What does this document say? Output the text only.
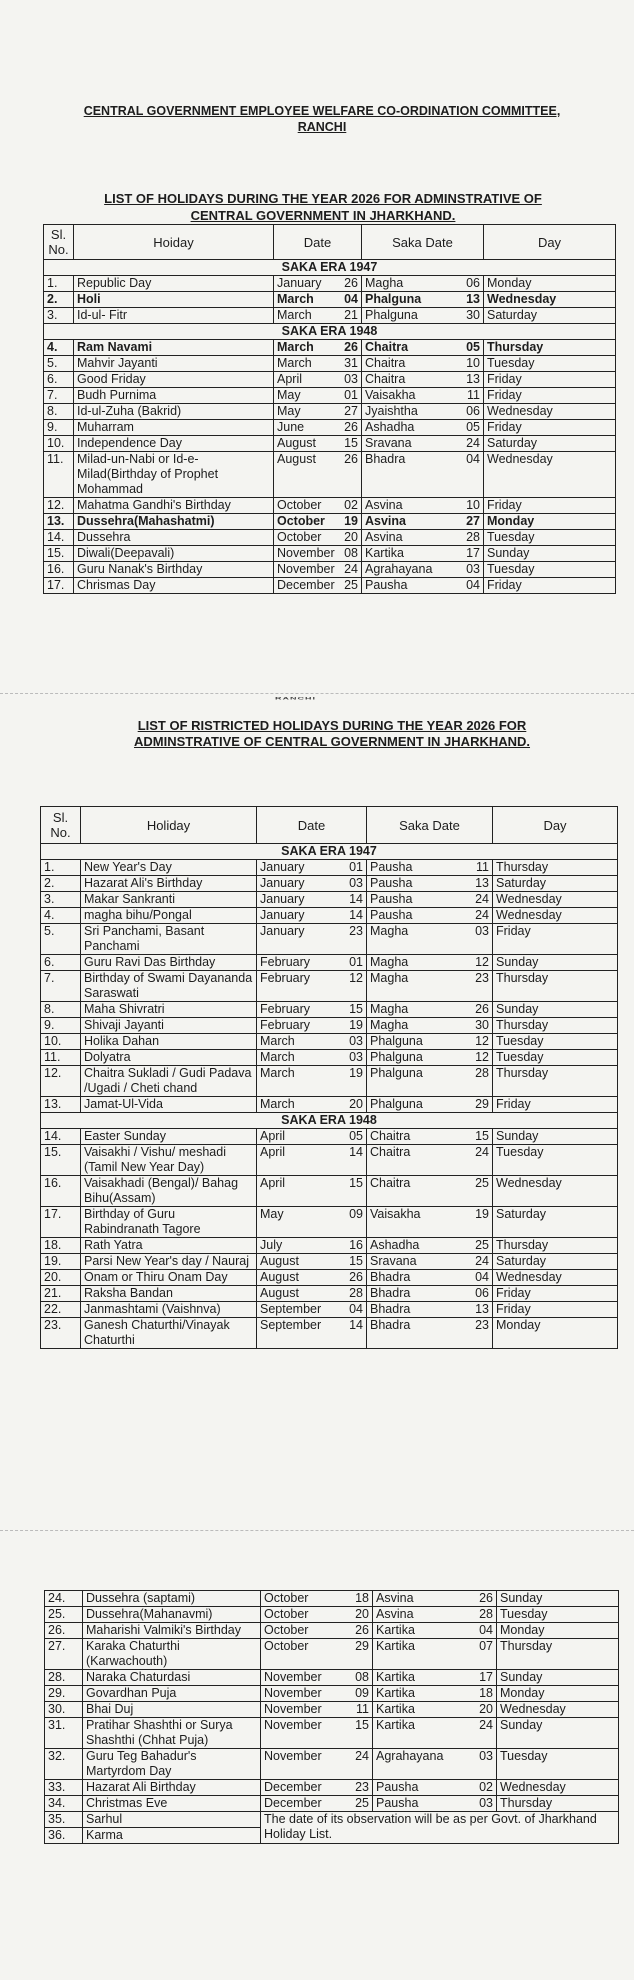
CENTRAL GOVERNMENT EMPLOYEE WELFARE CO-ORDINATION COMMITTEE,
RANCHI
LIST OF HOLIDAYS DURING THE YEAR 2026 FOR ADMINSTRATIVE OF
CENTRAL GOVERNMENT IN JHARKHAND.
Sl. No.	Hoiday	Date	Saka Date	Day
SAKA ERA 1947				
1.	Republic Day	January 26	Magha 06	Monday
2.	Holi	March 04	Phalguna 13	Wednesday
3.	Id-ul- Fitr	March 21	Phalguna 30	Saturday
SAKA ERA 1948				
4.	Ram Navami	March 26	Chaitra 05	Thursday
5.	Mahvir Jayanti	March 31	Chaitra 10	Tuesday
6.	Good Friday	April 03	Chaitra 13	Friday
7.	Budh Purnima	May 01	Vaisakha 11	Friday
8.	Id-ul-Zuha (Bakrid)	May 27	Jyaishtha 06	Wednesday
9.	Muharram	June 26	Ashadha 05	Friday
10.	Independence Day	August 15	Sravana 24	Saturday
11.	Milad-un-Nabi or Id-e-Milad(Birthday of Prophet Mohammad	August 26	Bhadra 04	Wednesday
12.	Mahatma Gandhi's Birthday	October 02	Asvina 10	Friday
13.	Dussehra(Mahashatmi)	October 19	Asvina 27	Monday
14.	Dussehra	October 20	Asvina 28	Tuesday
15.	Diwali(Deepavali)	November 08	Kartika 17	Sunday
16.	Guru Nanak's Birthday	November 24	Agrahayana 03	Tuesday
17.	Chrismas Day	December 25	Pausha 04	Friday
RANCHI
LIST OF RISTRICTED HOLIDAYS DURING THE YEAR 2026 FOR
ADMINSTRATIVE OF CENTRAL GOVERNMENT IN JHARKHAND.
Sl. No.	Holiday	Date	Saka Date	Day
SAKA ERA 1947				
1.	New Year's Day	January 01	Pausha 11	Thursday
2.	Hazarat Ali's Birthday	January 03	Pausha 13	Saturday
3.	Makar Sankranti	January 14	Pausha 24	Wednesday
4.	magha bihu/Pongal	January 14	Pausha 24	Wednesday
5.	Sri Panchami, Basant Panchami	January 23	Magha 03	Friday
6.	Guru Ravi Das Birthday	February 01	Magha 12	Sunday
7.	Birthday of Swami Dayananda Saraswati	February 12	Magha 23	Thursday
8.	Maha Shivratri	February 15	Magha 26	Sunday
9.	Shivaji Jayanti	February 19	Magha 30	Thursday
10.	Holika Dahan	March 03	Phalguna 12	Tuesday
11.	Dolyatra	March 03	Phalguna 12	Tuesday
12.	Chaitra Sukladi / Gudi Padava /Ugadi / Cheti chand	March 19	Phalguna 28	Thursday
13.	Jamat-Ul-Vida	March 20	Phalguna 29	Friday
SAKA ERA 1948				
14.	Easter Sunday	April 05	Chaitra 15	Sunday
15.	Vaisakhi / Vishu/ meshadi (Tamil New Year Day)	April 14	Chaitra 24	Tuesday
16.	Vaisakhadi (Bengal)/ Bahag Bihu(Assam)	April 15	Chaitra 25	Wednesday
17.	Birthday of Guru Rabindranath Tagore	May 09	Vaisakha 19	Saturday
18.	Rath Yatra	July 16	Ashadha 25	Thursday
19.	Parsi New Year's day / Nauraj	August 15	Sravana 24	Saturday
20.	Onam or Thiru Onam Day	August 26	Bhadra 04	Wednesday
21.	Raksha Bandan	August 28	Bhadra 06	Friday
22.	Janmashtami (Vaishnva)	September 04	Bhadra 13	Friday
23.	Ganesh Chaturthi/Vinayak Chaturthi	September 14	Bhadra 23	Monday
24.	Dussehra (saptami)	October 18	Asvina 26	Sunday
25.	Dussehra(Mahanavmi)	October 20	Asvina 28	Tuesday
26.	Maharishi Valmiki's Birthday	October 26	Kartika 04	Monday
27.	Karaka Chaturthi (Karwachouth)	October 29	Kartika 07	Thursday
28.	Naraka Chaturdasi	November 08	Kartika 17	Sunday
29.	Govardhan Puja	November 09	Kartika 18	Monday
30.	Bhai Duj	November 11	Kartika 20	Wednesday
31.	Pratihar Shashthi or Surya Shashthi (Chhat Puja)	November 15	Kartika 24	Sunday
32.	Guru Teg Bahadur's Martyrdom Day	November 24	Agrahayana 03	Tuesday
33.	Hazarat Ali Birthday	December 23	Paushа 02	Wednesday
34.	Christmas Eve	December 25	Pausha 03	Thursday
35.	Sarhul	The date of its observation will be as per Govt. of Jharkhand Holiday List.		
36.	Karma			
